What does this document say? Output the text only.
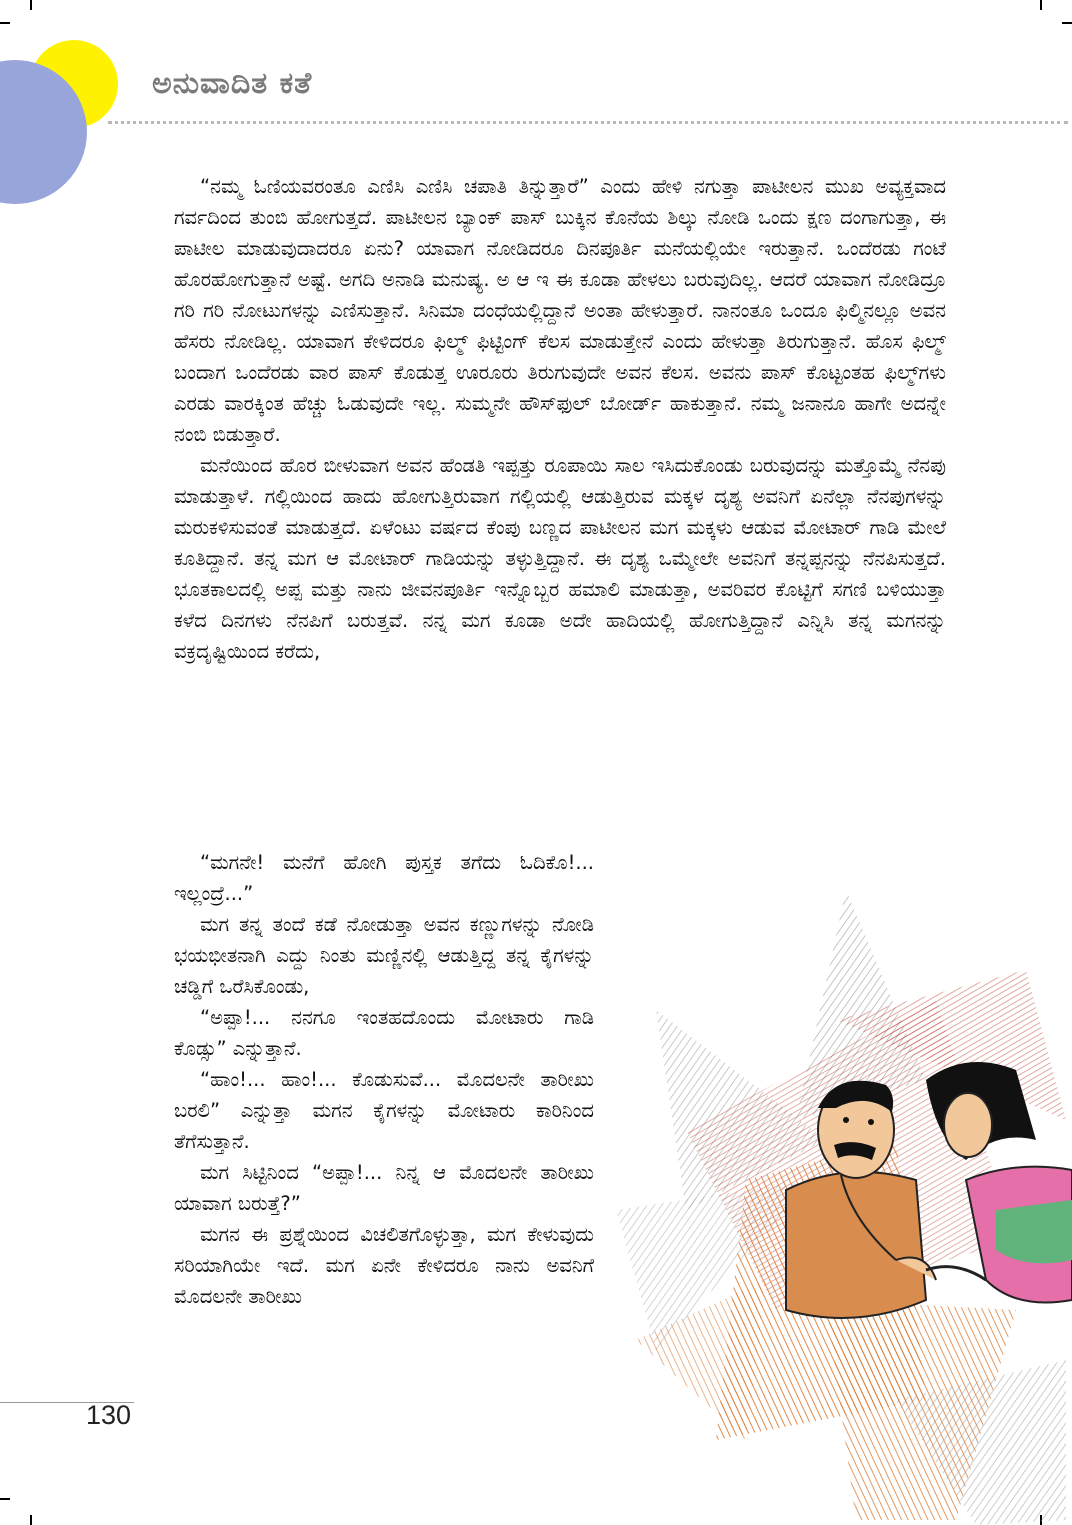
ಅನುವಾದಿತ ಕತೆ

“ನಮ್ಮ ಓಣಿಯವರಂತೂ ಎಣಿಸಿ ಎಣಿಸಿ ಚಪಾತಿ ತಿನ್ನುತ್ತಾರೆ” ಎಂದು ಹೇಳಿ ನಗುತ್ತಾ ಪಾಟೀಲನ ಮುಖ ಅವ್ಯಕ್ತವಾದ ಗರ್ವದಿಂದ ತುಂಬಿ ಹೋಗುತ್ತದೆ. ಪಾಟೀಲನ ಬ್ಯಾಂಕ್ ಪಾಸ್ ಬುಕ್ಕಿನ ಕೊನೆಯ ಶಿಲ್ಕು ನೋಡಿ ಒಂದು ಕ್ಷಣ ದಂಗಾಗುತ್ತಾ, ಈ ಪಾಟೀಲ ಮಾಡುವುದಾದರೂ ಏನು? ಯಾವಾಗ ನೋಡಿದರೂ ದಿನಪೂರ್ತಿ ಮನೆಯಲ್ಲಿಯೇ ಇರುತ್ತಾನೆ. ಒಂದೆರಡು ಗಂಟೆ ಹೊರಹೋಗುತ್ತಾನೆ ಅಷ್ಟೆ. ಅಗದಿ ಅನಾಡಿ ಮನುಷ್ಯ. ಅ ಆ ಇ ಈ ಕೂಡಾ ಹೇಳಲು ಬರುವುದಿಲ್ಲ. ಆದರೆ ಯಾವಾಗ ನೋಡಿದ್ರೂ ಗರಿ ಗರಿ ನೋಟುಗಳನ್ನು ಎಣಿಸುತ್ತಾನೆ. ಸಿನಿಮಾ ದಂಧೆಯಲ್ಲಿದ್ದಾನೆ ಅಂತಾ ಹೇಳುತ್ತಾರೆ. ನಾನಂತೂ ಒಂದೂ ಫಿಲ್ಮಿನಲ್ಲೂ ಅವನ ಹೆಸರು ನೋಡಿಲ್ಲ. ಯಾವಾಗ ಕೇಳಿದರೂ ಫಿಲ್ಮ್ ಫಿಟ್ಟಿಂಗ್ ಕೆಲಸ ಮಾಡುತ್ತೇನೆ ಎಂದು ಹೇಳುತ್ತಾ ತಿರುಗುತ್ತಾನೆ. ಹೊಸ ಫಿಲ್ಮ್ ಬಂದಾಗ ಒಂದೆರಡು ವಾರ ಪಾಸ್ ಕೊಡುತ್ತ ಊರೂರು ತಿರುಗುವುದೇ ಅವನ ಕೆಲಸ. ಅವನು ಪಾಸ್ ಕೊಟ್ಟಂತಹ ಫಿಲ್ಮ್‌ಗಳು ಎರಡು ವಾರಕ್ಕಿಂತ ಹೆಚ್ಚು ಓಡುವುದೇ ಇಲ್ಲ. ಸುಮ್ಮನೇ ಹೌಸ್‌ಫುಲ್ ಬೋರ್ಡ್ ಹಾಕುತ್ತಾನೆ. ನಮ್ಮ ಜನಾನೂ ಹಾಗೇ ಅದನ್ನೇ ನಂಬಿ ಬಿಡುತ್ತಾರೆ.

ಮನೆಯಿಂದ ಹೊರ ಬೀಳುವಾಗ ಅವನ ಹೆಂಡತಿ ಇಪ್ಪತ್ತು ರೂಪಾಯಿ ಸಾಲ ಇಸಿದುಕೊಂಡು ಬರುವುದನ್ನು ಮತ್ತೊಮ್ಮೆ ನೆನಪು ಮಾಡುತ್ತಾಳೆ. ಗಲ್ಲಿಯಿಂದ ಹಾದು ಹೋಗುತ್ತಿರುವಾಗ ಗಲ್ಲಿಯಲ್ಲಿ ಆಡುತ್ತಿರುವ ಮಕ್ಕಳ ದೃಶ್ಯ ಅವನಿಗೆ ಏನೆಲ್ಲಾ ನೆನಪುಗಳನ್ನು ಮರುಕಳಿಸುವಂತೆ ಮಾಡುತ್ತದೆ. ಏಳೆಂಟು ವರ್ಷದ ಕೆಂಪು ಬಣ್ಣದ ಪಾಟೀಲನ ಮಗ ಮಕ್ಕಳು ಆಡುವ ಮೋಟಾರ್ ಗಾಡಿ ಮೇಲೆ ಕೂತಿದ್ದಾನೆ. ತನ್ನ ಮಗ ಆ ಮೋಟಾರ್ ಗಾಡಿಯನ್ನು ತಳ್ಳುತ್ತಿದ್ದಾನೆ. ಈ ದೃಶ್ಯ ಒಮ್ಮೇಲೇ ಅವನಿಗೆ ತನ್ನಪ್ಪನನ್ನು ನೆನಪಿಸುತ್ತದೆ. ಭೂತಕಾಲದಲ್ಲಿ ಅಪ್ಪ ಮತ್ತು ನಾನು ಜೀವನಪೂರ್ತಿ ಇನ್ನೊಬ್ಬರ ಹಮಾಲಿ ಮಾಡುತ್ತಾ, ಅವರಿವರ ಕೊಟ್ಟಿಗೆ ಸಗಣಿ ಬಳಿಯುತ್ತಾ ಕಳೆದ ದಿನಗಳು ನೆನಪಿಗೆ ಬರುತ್ತವೆ. ನನ್ನ ಮಗ ಕೂಡಾ ಅದೇ ಹಾದಿಯಲ್ಲಿ ಹೋಗುತ್ತಿದ್ದಾನೆ ಎನ್ನಿಸಿ ತನ್ನ ಮಗನನ್ನು ವಕ್ರದೃಷ್ಟಿಯಿಂದ ಕರೆದು,

“ಮಗನೇ! ಮನೆಗೆ ಹೋಗಿ ಪುಸ್ತಕ ತಗೆದು ಓದಿಕೊ!... ಇಲ್ಲಂದ್ರೆ...”

ಮಗ ತನ್ನ ತಂದೆ ಕಡೆ ನೋಡುತ್ತಾ ಅವನ ಕಣ್ಣುಗಳನ್ನು ನೋಡಿ ಭಯಭೀತನಾಗಿ ಎದ್ದು ನಿಂತು ಮಣ್ಣಿನಲ್ಲಿ ಆಡುತ್ತಿದ್ದ ತನ್ನ ಕೈಗಳನ್ನು ಚಡ್ಡಿಗೆ ಒರೆಸಿಕೊಂಡು,

“ಅಪ್ಪಾ!... ನನಗೂ ಇಂತಹದೊಂದು ಮೋಟಾರು ಗಾಡಿ ಕೊಡ್ಸು” ಎನ್ನುತ್ತಾನೆ.

“ಹಾಂ!... ಹಾಂ!... ಕೊಡುಸುವೆ... ಮೊದಲನೇ ತಾರೀಖು ಬರಲಿ” ಎನ್ನುತ್ತಾ ಮಗನ ಕೈಗಳನ್ನು ಮೋಟಾರು ಕಾರಿನಿಂದ ತೆಗೆಸುತ್ತಾನೆ.

ಮಗ ಸಿಟ್ಟಿನಿಂದ “ಅಪ್ಪಾ!... ನಿನ್ನ ಆ ಮೊದಲನೇ ತಾರೀಖು ಯಾವಾಗ ಬರುತ್ತೆ?”

ಮಗನ ಈ ಪ್ರಶ್ನೆಯಿಂದ ವಿಚಲಿತಗೊಳ್ಳುತ್ತಾ, ಮಗ ಕೇಳುವುದು ಸರಿಯಾಗಿಯೇ ಇದೆ. ಮಗ ಏನೇ ಕೇಳಿದರೂ ನಾನು ಅವನಿಗೆ ಮೊದಲನೇ ತಾರೀಖು

130
